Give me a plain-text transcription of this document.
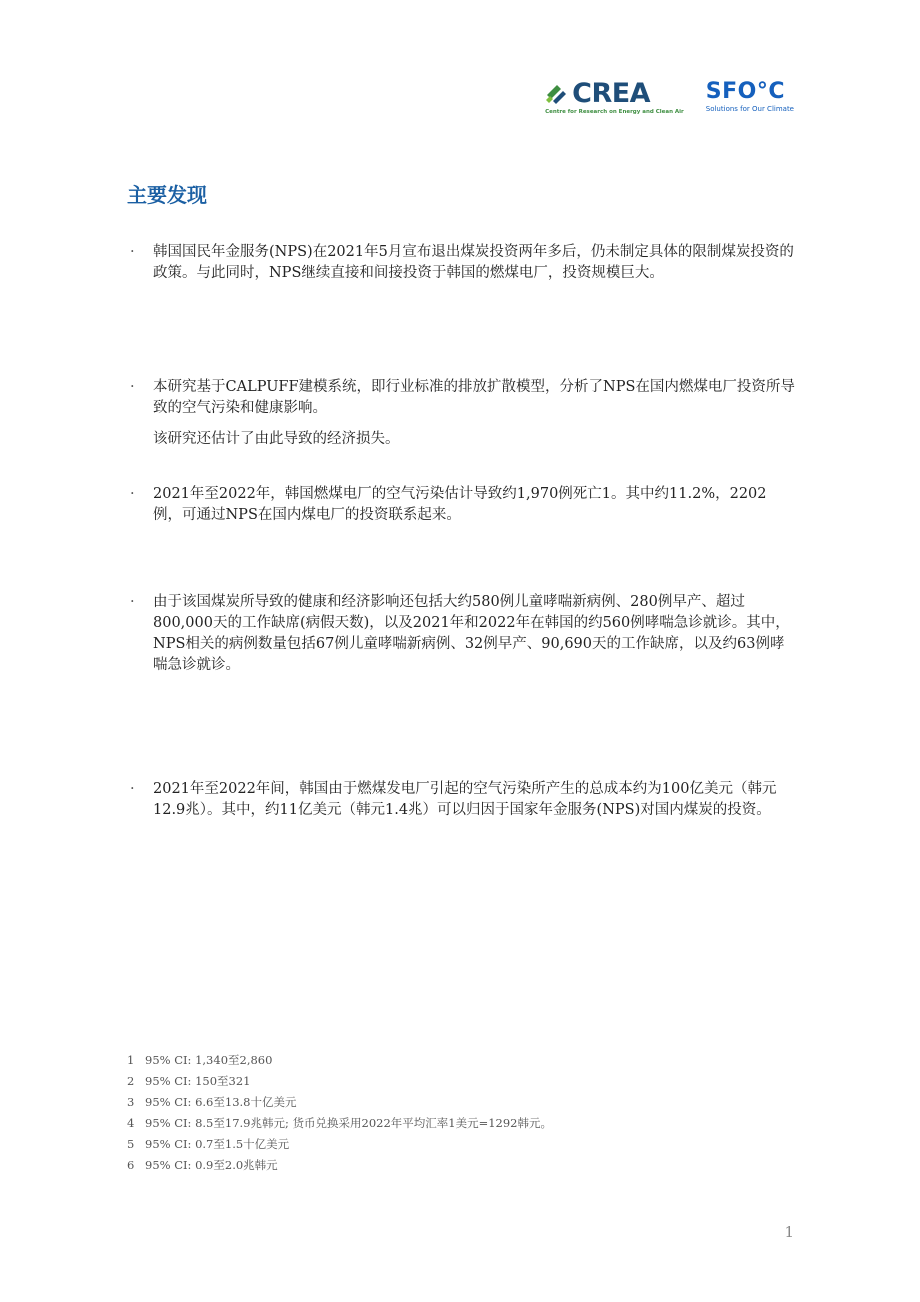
CREA
Centre for Research on Energy and Clean Air
SFO°C
Solutions for Our Climate
主要发现
· 韩国国民年金服务(NPS)在2021年5月宣布退出煤炭投资两年多后，仍未制定具体的限制煤炭投资的政策。与此同时，NPS继续直接和间接投资于韩国的燃煤电厂，投资规模巨大。

· 本研究基于CALPUFF建模系统，即行业标准的排放扩散模型，分析了NPS在国内燃煤电厂投资所导致的空气污染和健康影响。

该研究还估计了由此导致的经济损失。

· 2021年至2022年，韩国燃煤电厂的空气污染估计导致约1,970例死亡1。其中约11.2%，2202例，可通过NPS在国内煤电厂的投资联系起来。

· 由于该国煤炭所导致的健康和经济影响还包括大约580例儿童哮喘新病例、280例早产、超过800,000天的工作缺席(病假天数)，以及2021年和2022年在韩国的约560例哮喘急诊就诊。其中，NPS相关的病例数量包括67例儿童哮喘新病例、32例早产、90,690天的工作缺席，以及约63例哮喘急诊就诊。

· 2021年至2022年间，韩国由于燃煤发电厂引起的空气污染所产生的总成本约为100亿美元（韩元12.9兆）。其中，约11亿美元（韩元1.4兆）可以归因于国家年金服务(NPS)对国内煤炭的投资。

1 95% CI: 1,340至2,860
2 95% CI: 150至321
3 95% CI: 6.6至13.8十亿美元
4 95% CI: 8.5至17.9兆韩元; 货币兑换采用2022年平均汇率1美元=1292韩元。
5 95% CI: 0.7至1.5十亿美元
6 95% CI: 0.9至2.0兆韩元
1
